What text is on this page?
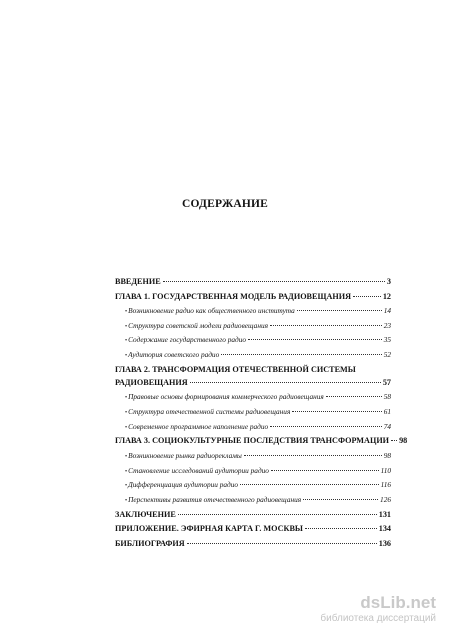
СОДЕРЖАНИЕ
ВВЕДЕНИЕ	3
ГЛАВА 1. ГОСУДАРСТВЕННАЯ МОДЕЛЬ РАДИОВЕЩАНИЯ	12
• Возникновение радио как общественного института	14
• Структура советской модели радиовещания	23
• Содержание государственного радио	35
• Аудитория советского радио	52
ГЛАВА 2. ТРАНСФОРМАЦИЯ ОТЕЧЕСТВЕННОЙ СИСТЕМЫ
РАДИОВЕЩАНИЯ	57
• Правовые основы формирования коммерческого радиовещания	58
• Структура отечественной системы радиовещания	61
• Современное программное наполнение радио	74
ГЛАВА 3. СОЦИОКУЛЬТУРНЫЕ ПОСЛЕДСТВИЯ ТРАНСФОРМАЦИИ 98
• Возникновение рынка радиорекламы	98
• Становление исследований аудитории радио	110
• Дифференциация аудитории радио	116
• Перспективы развития отечественного радиовещания	126
ЗАКЛЮЧЕНИЕ	131
ПРИЛОЖЕНИЕ. ЭФИРНАЯ КАРТА Г. МОСКВЫ	134
БИБЛИОГРАФИЯ	136
dsLib.net
библиотека диссертаций
